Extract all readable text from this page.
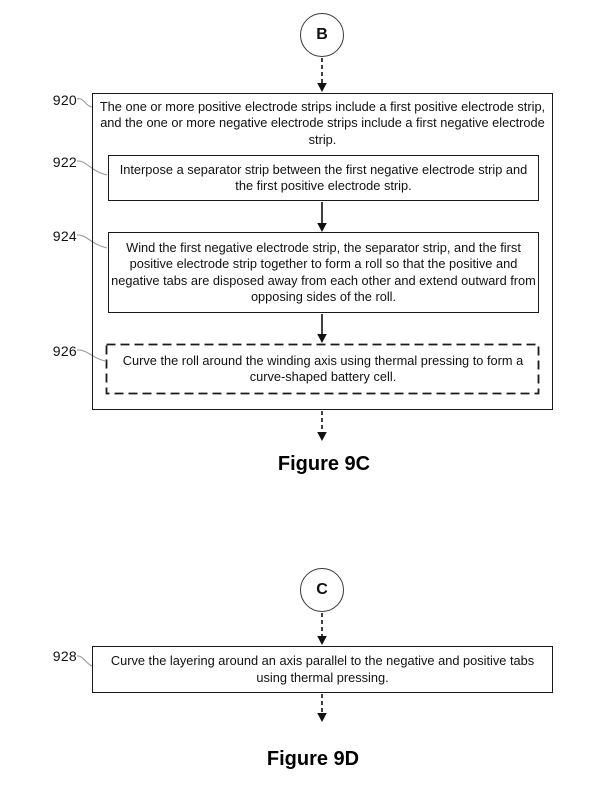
B
920 The one or more positive electrode strips include a first positive electrode strip, and the one or more negative electrode strips include a first negative electrode strip.
922	Interpose a separator strip between the first negative electrode strip and the first positive electrode strip.
924
Wind the first negative electrode strip, the separator strip, and the first positive electrode strip together to form a roll so that the positive and negative tabs are disposed away from each other and extend outward from opposing sides of the roll.
926
Curve the roll around the winding axis using thermal pressing to form a curve-shaped battery cell.
Figure 9C
C
928	Curve the layering around an axis parallel to the negative and positive tabs using thermal pressing.
Figure 9D
